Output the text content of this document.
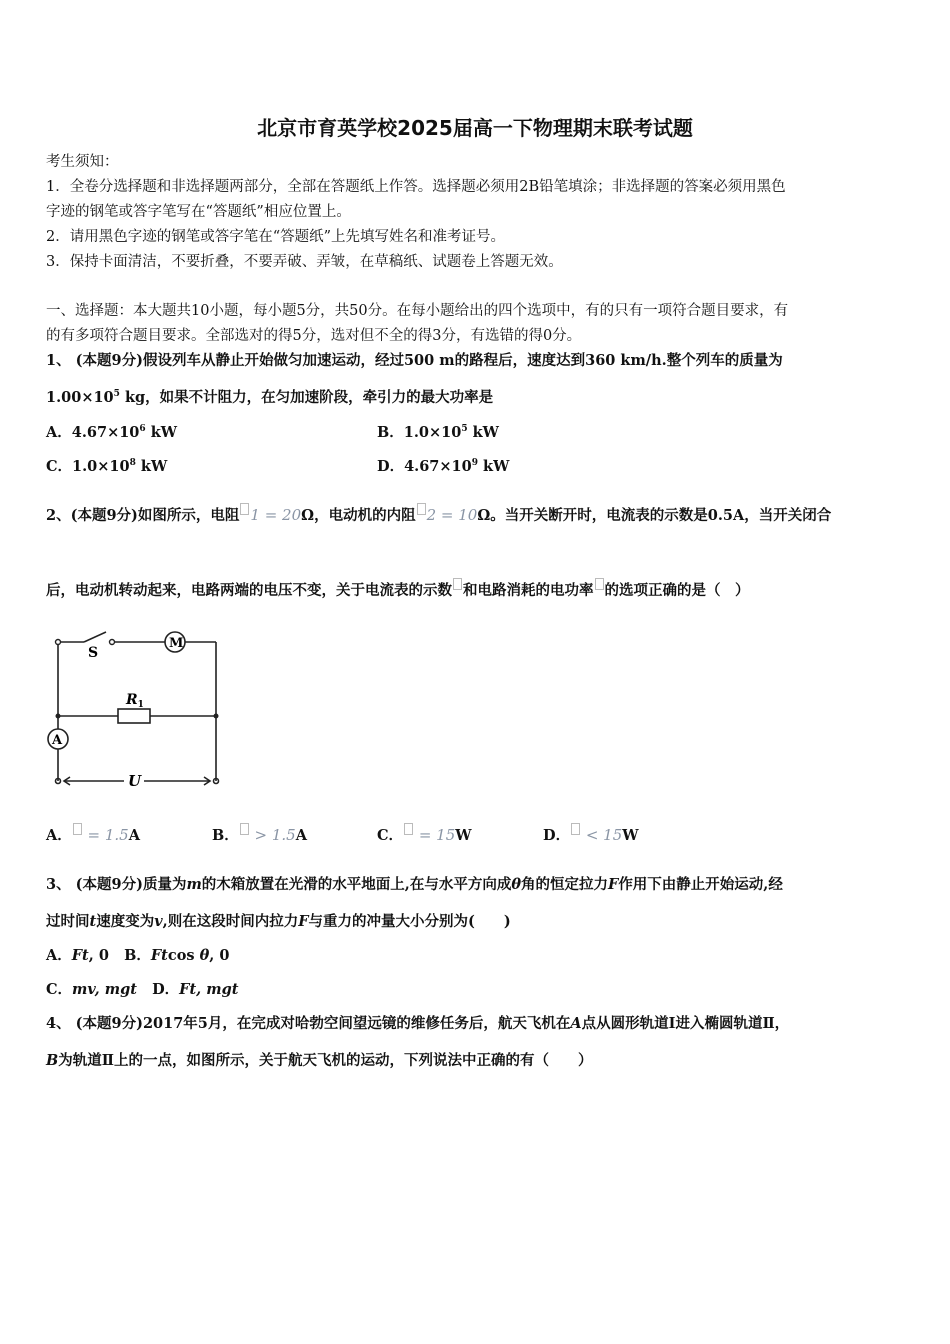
北京市育英学校2025届高一下物理期末联考试题
考生须知：
1．全卷分选择题和非选择题两部分，全部在答题纸上作答。选择题必须用2B铅笔填涂；非选择题的答案必须用黑色
字迹的钢笔或答字笔写在“答题纸”相应位置上。
2．请用黑色字迹的钢笔或答字笔在“答题纸”上先填写姓名和准考证号。
3．保持卡面清洁，不要折叠，不要弄破、弄皱，在草稿纸、试题卷上答题无效。
一、选择题：本大题共10小题，每小题5分，共50分。在每小题给出的四个选项中，有的只有一项符合题目要求，有
的有多项符合题目要求。全部选对的得5分，选对但不全的得3分，有选错的得0分。
1、 (本题9分)假设列车从静止开始做匀加速运动，经过500 m的路程后，速度达到360 km/h.整个列车的质量为
$1.00\times 10^5$ kg，如果不计阻力，在匀加速阶段，牵引力的最大功率是
A．$4.67\times 10^6$ kW	B．$1.0\times 10^5$ kW
C．$1.0\times 10^8$ kW	D．$4.67\times 10^9$ kW
2、(本题9分)如图所示，电阻 1 = 20Ω，电动机的内阻 2 = 10Ω。当开关断开时，电流表的示数是0.5A，当开关闭合
后，电动机转动起来，电路两端的电压不变，关于电流表的示数 和电路消耗的电功率 的选项正确的是（　）
S
M
$R_1$
A
U
A． = 1.5A	B． > 1.5A	C． = 15W	D． < 15W
3、 (本题9分)质量为m的木箱放置在光滑的水平地面上,在与水平方向成θ角的恒定拉力F作用下由静止开始运动,经
过时间t速度变为v,则在这段时间内拉力F与重力的冲量大小分别为(　　)
A．Ft, 0 B．Ftcos θ, 0
C．mv, mgt D．Ft, mgt
4、 (本题9分)2017年5月，在完成对哈勃空间望远镜的维修任务后，航天飞机在A点从圆形轨道Ⅰ进入椭圆轨道Ⅱ，
B为轨道Ⅱ上的一点，如图所示，关于航天飞机的运动，下列说法中正确的有（　　）
